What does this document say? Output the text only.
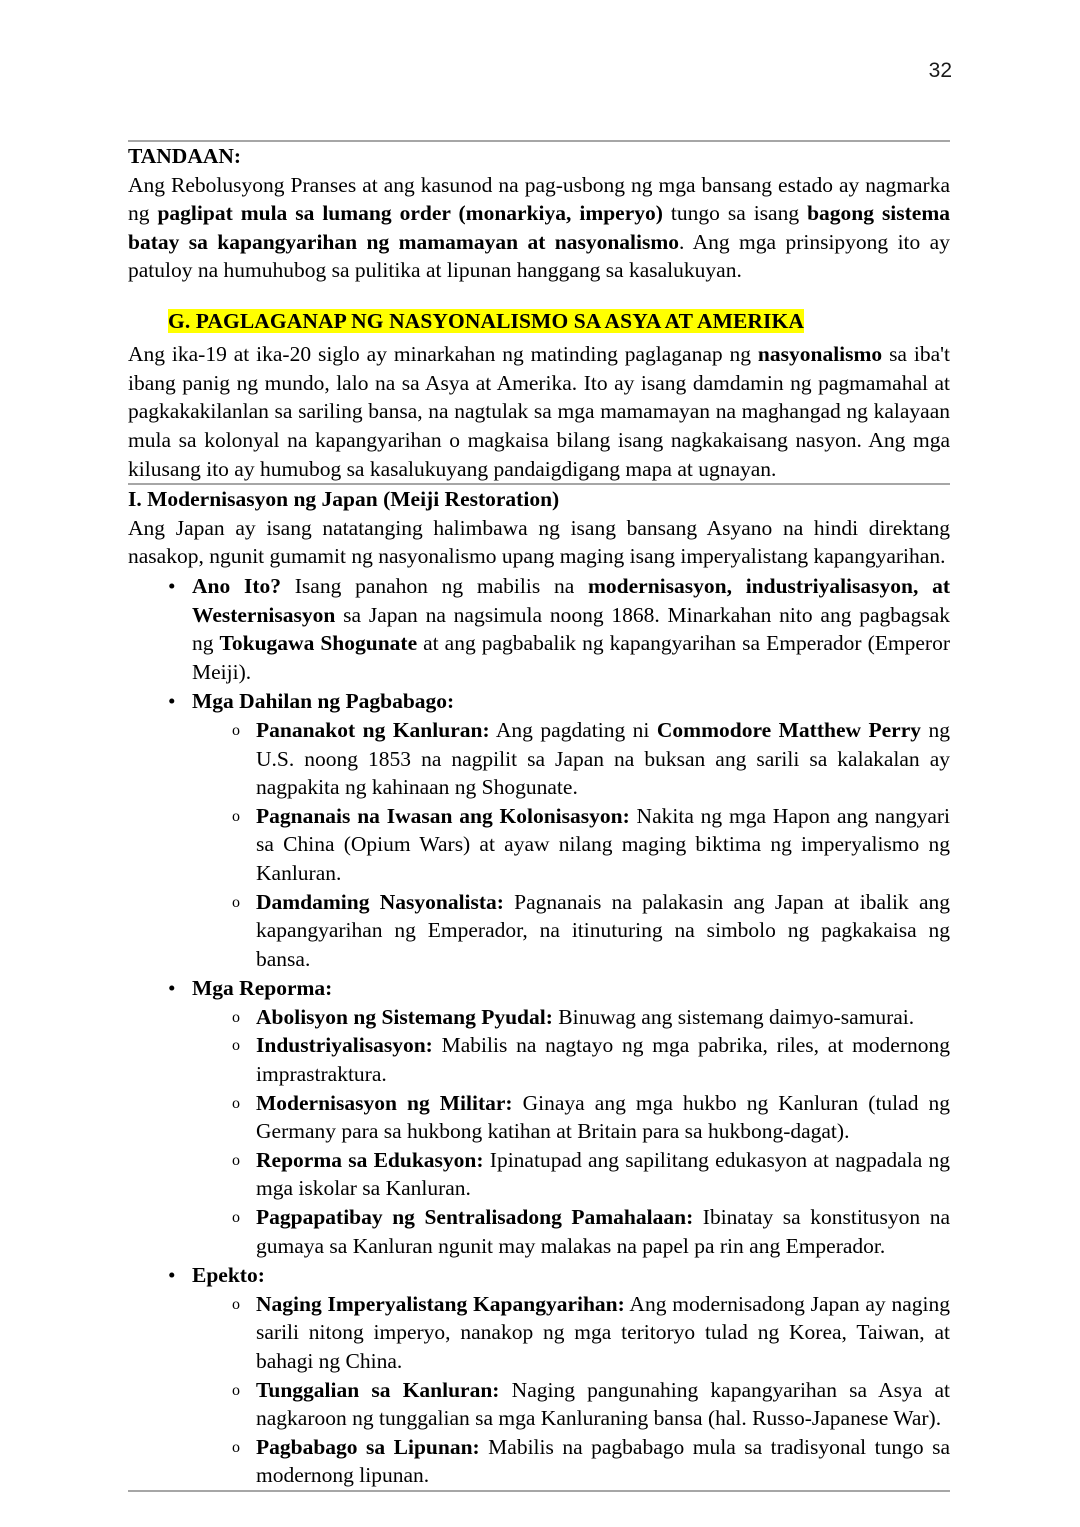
32
TANDAAN:

Ang Rebolusyong Pranses at ang kasunod na pag-usbong ng mga bansang estado ay nagmarka ng paglipat mula sa lumang order (monarkiya, imperyo) tungo sa isang bagong sistema batay sa kapangyarihan ng mamamayan at nasyonalismo. Ang mga prinsipyong ito ay patuloy na humuhubog sa pulitika at lipunan hanggang sa kasalukuyan.

G. PAGLAGANAP NG NASYONALISMO SA ASYA AT AMERIKA

Ang ika-19 at ika-20 siglo ay minarkahan ng matinding paglaganap ng nasyonalismo sa iba't ibang panig ng mundo, lalo na sa Asya at Amerika. Ito ay isang damdamin ng pagmamahal at pagkakakilanlan sa sariling bansa, na nagtulak sa mga mamamayan na maghangad ng kalayaan mula sa kolonyal na kapangyarihan o magkaisa bilang isang nagkakaisang nasyon. Ang mga kilusang ito ay humubog sa kasalukuyang pandaigdigang mapa at ugnayan.

I. Modernisasyon ng Japan (Meiji Restoration)

Ang Japan ay isang natatanging halimbawa ng isang bansang Asyano na hindi direktang nasakop, ngunit gumamit ng nasyonalismo upang maging isang imperyalistang kapangyarihan.

• Ano Ito? Isang panahon ng mabilis na modernisasyon, industriyalisasyon, at Westernisasyon sa Japan na nagsimula noong 1868. Minarkahan nito ang pagbagsak ng Tokugawa Shogunate at ang pagbabalik ng kapangyarihan sa Emperador (Emperor Meiji).
• Mga Dahilan ng Pagbabago:
o Pananakot ng Kanluran: Ang pagdating ni Commodore Matthew Perry ng U.S. noong 1853 na nagpilit sa Japan na buksan ang sarili sa kalakalan ay nagpakita ng kahinaan ng Shogunate.
o Pagnanais na Iwasan ang Kolonisasyon: Nakita ng mga Hapon ang nangyari sa China (Opium Wars) at ayaw nilang maging biktima ng imperyalismo ng Kanluran.
o Damdaming Nasyonalista: Pagnanais na palakasin ang Japan at ibalik ang kapangyarihan ng Emperador, na itinuturing na simbolo ng pagkakaisa ng bansa.
• Mga Reporma:
o Abolisyon ng Sistemang Pyudal: Binuwag ang sistemang daimyo-samurai.
o Industriyalisasyon: Mabilis na nagtayo ng mga pabrika, riles, at modernong imprastraktura.
o Modernisasyon ng Militar: Ginaya ang mga hukbo ng Kanluran (tulad ng Germany para sa hukbong katihan at Britain para sa hukbong-dagat).
o Reporma sa Edukasyon: Ipinatupad ang sapilitang edukasyon at nagpadala ng mga iskolar sa Kanluran.
o Pagpapatibay ng Sentralisadong Pamahalaan: Ibinatay sa konstitusyon na gumaya sa Kanluran ngunit may malakas na papel pa rin ang Emperador.
• Epekto:
o Naging Imperyalistang Kapangyarihan: Ang modernisadong Japan ay naging sarili nitong imperyo, nanakop ng mga teritoryo tulad ng Korea, Taiwan, at bahagi ng China.
o Tunggalian sa Kanluran: Naging pangunahing kapangyarihan sa Asya at nagkaroon ng tunggalian sa mga Kanluraning bansa (hal. Russo-Japanese War).
o Pagbabago sa Lipunan: Mabilis na pagbabago mula sa tradisyonal tungo sa modernong lipunan.
